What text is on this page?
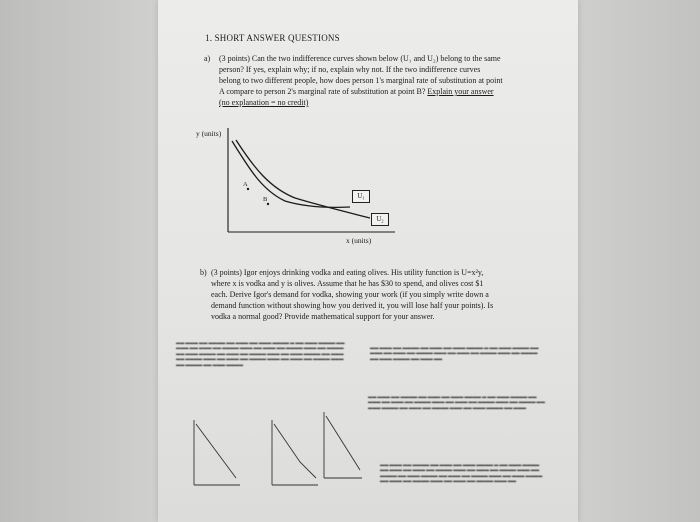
1. SHORT ANSWER QUESTIONS
a) (3 points) Can the two indifference curves shown below (U₁ and U₂) belong to the same
person? If yes, explain why; if no, explain why not. If the two indifference curves
belong to two different people, how does person 1's marginal rate of substitution at point
A compare to person 2's marginal rate of substitution at point B? Explain your answer
(no explanation = no credit)
y (units)
x (units)
A
B	U₁
U₂
b) (3 points) Igor enjoys drinking vodka and eating olives. His utility function is U=x²y,
where x is vodka and y is olives. Assume that he has $30 to spend, and olives cost $1
each. Derive Igor's demand for vodka, showing your work (if you simply write down a
demand function without showing how you derived it, you will lose half your points). Is
vodka a normal good? Provide mathematical support for your answer.
▬▬ ▬▬▬ ▬▬ ▬▬▬▬ ▬▬ ▬▬▬ ▬▬ ▬▬▬ ▬▬▬▬ ▬ ▬▬ ▬▬▬ ▬▬▬▬ ▬▬ ▬▬▬ ▬▬ ▬▬▬ ▬▬ ▬▬▬▬ ▬▬▬ ▬▬ ▬▬▬ ▬▬ ▬▬▬▬ ▬▬▬ ▬▬ ▬▬▬▬ ▬▬ ▬▬▬ ▬▬▬▬ ▬▬ ▬▬▬ ▬▬ ▬▬▬▬ ▬▬▬ ▬▬ ▬▬▬ ▬▬▬▬ ▬▬ ▬▬▬ ▬▬ ▬▬▬▬ ▬▬▬ ▬▬ ▬▬▬ ▬▬ ▬▬▬▬ ▬▬▬ ▬▬ ▬▬▬ ▬▬ ▬▬▬▬ ▬▬▬ ▬▬ ▬▬▬▬ ▬▬ ▬▬▬ ▬▬▬▬
▬▬ ▬▬▬ ▬▬ ▬▬▬▬ ▬▬ ▬▬▬ ▬▬ ▬▬▬ ▬▬▬▬ ▬ ▬▬ ▬▬▬ ▬▬▬▬ ▬▬ ▬▬▬ ▬▬ ▬▬▬ ▬▬ ▬▬▬▬ ▬▬▬ ▬▬ ▬▬▬ ▬▬ ▬▬▬▬ ▬▬▬ ▬▬ ▬▬▬▬ ▬▬ ▬▬▬ ▬▬▬▬ ▬▬ ▬▬▬ ▬▬
▬▬ ▬▬▬ ▬▬ ▬▬▬▬ ▬▬ ▬▬▬ ▬▬ ▬▬▬ ▬▬▬▬ ▬ ▬▬ ▬▬▬ ▬▬▬▬ ▬▬ ▬▬▬ ▬▬ ▬▬▬ ▬▬ ▬▬▬▬ ▬▬▬ ▬▬ ▬▬▬ ▬▬ ▬▬▬▬ ▬▬▬ ▬▬ ▬▬▬▬ ▬▬ ▬▬▬ ▬▬▬▬ ▬▬ ▬▬▬ ▬▬ ▬▬▬▬ ▬▬▬ ▬▬ ▬▬▬ ▬▬▬▬ ▬▬ ▬▬▬
▬▬ ▬▬▬ ▬▬ ▬▬▬▬ ▬▬ ▬▬▬ ▬▬ ▬▬▬ ▬▬▬▬ ▬ ▬▬ ▬▬▬ ▬▬▬▬ ▬▬ ▬▬▬ ▬▬ ▬▬▬ ▬▬ ▬▬▬▬ ▬▬▬ ▬▬ ▬▬▬ ▬▬ ▬▬▬▬ ▬▬▬ ▬▬ ▬▬▬▬ ▬▬ ▬▬▬ ▬▬▬▬ ▬▬ ▬▬▬ ▬▬ ▬▬▬▬ ▬▬▬ ▬▬ ▬▬▬ ▬▬▬▬ ▬▬ ▬▬▬ ▬▬ ▬▬▬▬ ▬▬▬ ▬▬ ▬▬▬ ▬▬ ▬▬▬▬ ▬▬▬ ▬▬
